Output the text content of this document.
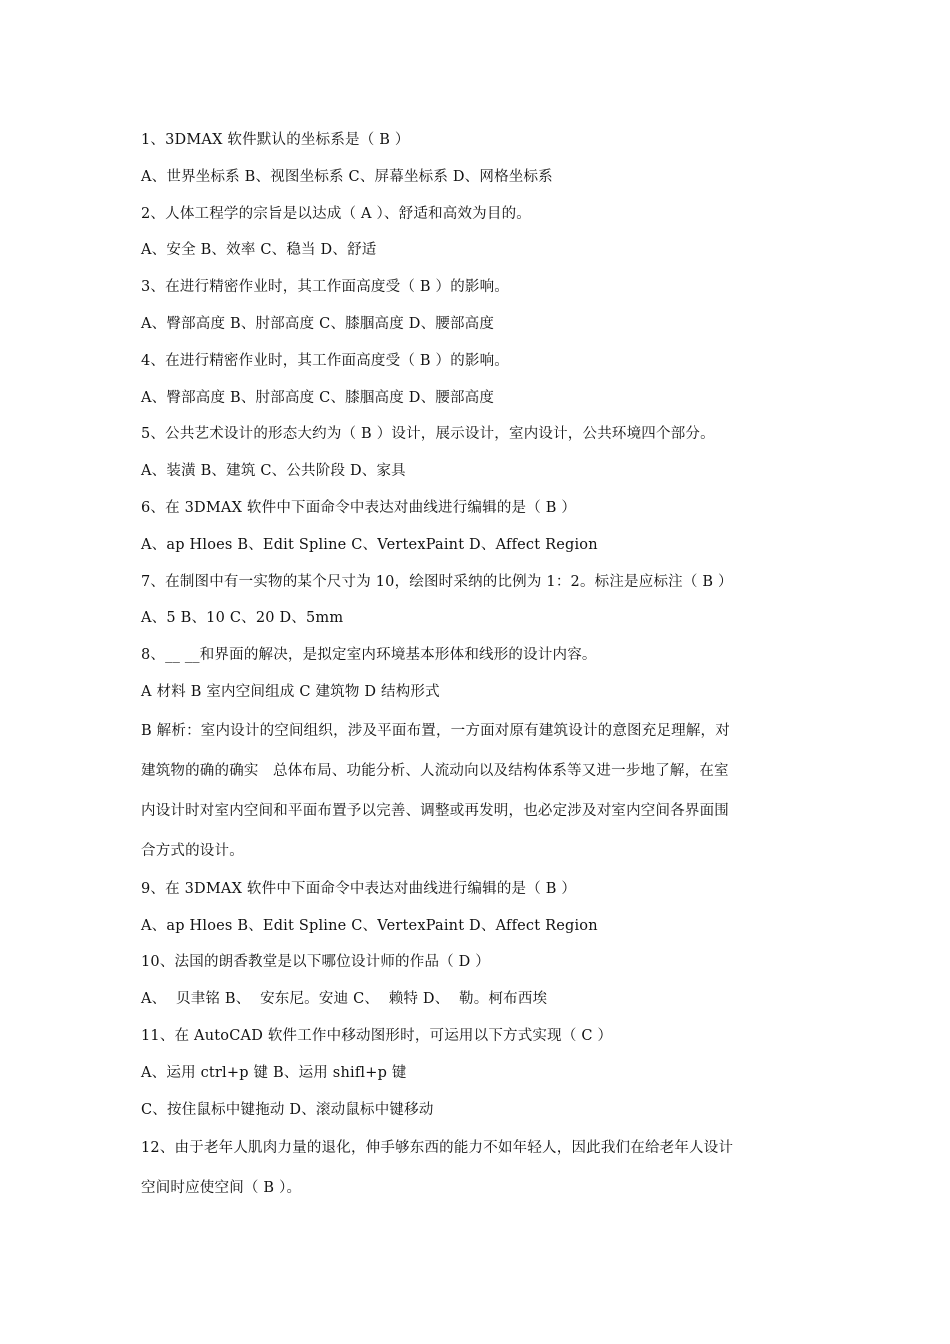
1、3DMAX 软件默认的坐标系是（ B ）
A、世界坐标系 B、视图坐标系 C、屏幕坐标系 D、网格坐标系
2、人体工程学的宗旨是以达成（ A ）、舒适和高效为目的。
A、安全 B、效率 C、稳当 D、舒适
3、在进行精密作业时，其工作面高度受（ B ）的影响。
A、臀部高度 B、肘部高度 C、膝腘高度 D、腰部高度
4、在进行精密作业时，其工作面高度受（ B ）的影响。
A、臀部高度 B、肘部高度 C、膝腘高度 D、腰部高度
5、公共艺术设计的形态大约为（ B ）设计，展示设计，室内设计，公共环境四个部分。
A、装潢 B、建筑 C、公共阶段 D、家具
6、在 3DMAX 软件中下面命令中表达对曲线进行编辑的是（ B ）
A、ap Hloes B、Edit Spline C、VertexPaint D、Affect Region
7、在制图中有一实物的某个尺寸为 10，绘图时采纳的比例为 1：2。标注是应标注（ B ）
A、5 B、10 C、20 D、5mm
8、__ __和界面的解决，是拟定室内环境基本形体和线形的设计内容。
A 材料 B 室内空间组成 C 建筑物 D 结构形式
B 解析：室内设计的空间组织，涉及平面布置，一方面对原有建筑设计的意图充足理解，对
建筑物的确的确实   总体布局、功能分析、人流动向以及结构体系等又进一步地了解，在室
内设计时对室内空间和平面布置予以完善、调整或再发明，也必定涉及对室内空间各界面围
合方式的设计。
9、在 3DMAX 软件中下面命令中表达对曲线进行编辑的是（ B ）
A、ap Hloes B、Edit Spline C、VertexPaint D、Affect Region
10、法国的朗香教堂是以下哪位设计师的作品（ D ）
A、  贝聿铭 B、  安东尼。安迪 C、  赖特 D、  勒。柯布西埃
11、在 AutoCAD 软件工作中移动图形时，可运用以下方式实现（ C ）
A、运用 ctrl+p 键 B、运用 shifl+p 键
C、按住鼠标中键拖动 D、滚动鼠标中键移动
12、由于老年人肌肉力量的退化，伸手够东西的能力不如年轻人，因此我们在给老年人设计
空间时应使空间（ B ）。
